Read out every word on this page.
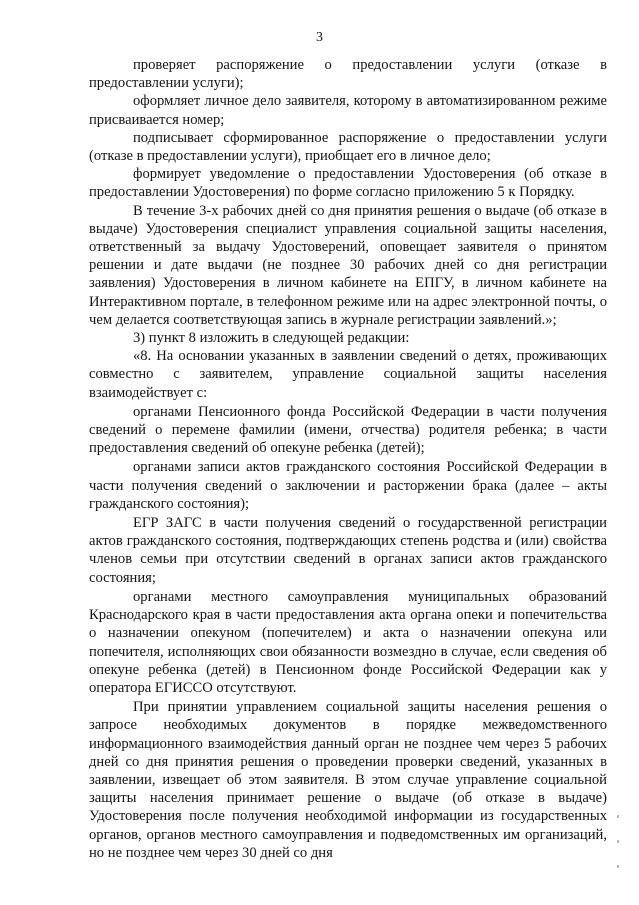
3

проверяет распоряжение о предоставлении услуги (отказе в предоставлении услуги);

оформляет личное дело заявителя, которому в автоматизированном режиме присваивается номер;

подписывает сформированное распоряжение о предоставлении услуги (отказе в предоставлении услуги), приобщает его в личное дело;

формирует уведомление о предоставлении Удостоверения (об отказе в предоставлении Удостоверения) по форме согласно приложению 5 к Порядку.

В течение 3-х рабочих дней со дня принятия решения о выдаче (об отказе в выдаче) Удостоверения специалист управления социальной защиты населения, ответственный за выдачу Удостоверений, оповещает заявителя о принятом решении и дате выдачи (не позднее 30 рабочих дней со дня регистрации заявления) Удостоверения в личном кабинете на ЕПГУ, в личном кабинете на Интерактивном портале, в телефонном режиме или на адрес электронной почты, о чем делается соответствующая запись в журнале регистрации заявлений.»;

3) пункт 8 изложить в следующей редакции:

«8. На основании указанных в заявлении сведений о детях, проживающих совместно с заявителем, управление социальной защиты населения взаимодействует с:

органами Пенсионного фонда Российской Федерации в части получения сведений о перемене фамилии (имени, отчества) родителя ребенка; в части предоставления сведений об опекуне ребенка (детей);

органами записи актов гражданского состояния Российской Федерации в части получения сведений о заключении и расторжении брака (далее – акты гражданского состояния);

ЕГР ЗАГС в части получения сведений о государственной регистрации актов гражданского состояния, подтверждающих степень родства и (или) свойства членов семьи при отсутствии сведений в органах записи актов гражданского состояния;

органами местного самоуправления муниципальных образований Краснодарского края в части предоставления акта органа опеки и попечительства о назначении опекуном (попечителем) и акта о назначении опекуна или попечителя, исполняющих свои обязанности возмездно в случае, если сведения об опекуне ребенка (детей) в Пенсионном фонде Российской Федерации как у оператора ЕГИССО отсутствуют.

При принятии управлением социальной защиты населения решения о запросе необходимых документов в порядке межведомственного информационного взаимодействия данный орган не позднее чем через 5 рабочих дней со дня принятия решения о проведении проверки сведений, указанных в заявлении, извещает об этом заявителя. В этом случае управление социальной защиты населения принимает решение о выдаче (об отказе в выдаче) Удостоверения после получения необходимой информации из государственных органов, органов местного самоуправления и подведомственных им организаций, но не позднее чем через 30 дней со дня
